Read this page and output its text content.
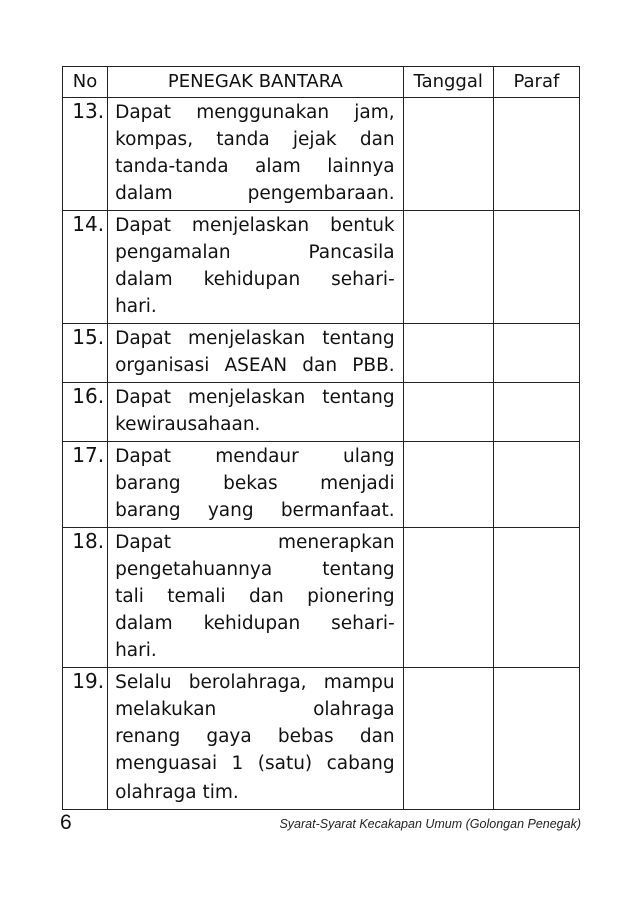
No	PENEGAK BANTARA	Tanggal	Paraf
13.	Dapat menggunakan jam,
kompas, tanda jejak dan
tanda-tanda alam lainnya
dalam pengembaraan.		

14.	Dapat menjelaskan bentuk
pengamalan Pancasila
dalam kehidupan sehari-
hari.		

15.	Dapat menjelaskan tentang
organisasi ASEAN dan PBB.		

16.	Dapat menjelaskan tentang
kewirausahaan.		

17.	Dapat mendaur ulang
barang bekas menjadi
barang yang bermanfaat.		

18.	Dapat menerapkan
pengetahuannya tentang
tali temali dan pionering
dalam kehidupan sehari-
hari.		

19.	Selalu berolahraga, mampu
melakukan olahraga
renang gaya bebas dan
menguasai 1 (satu) cabang
olahraga tim.		

6	Syarat-Syarat Kecakapan Umum (Golongan Penegak)
